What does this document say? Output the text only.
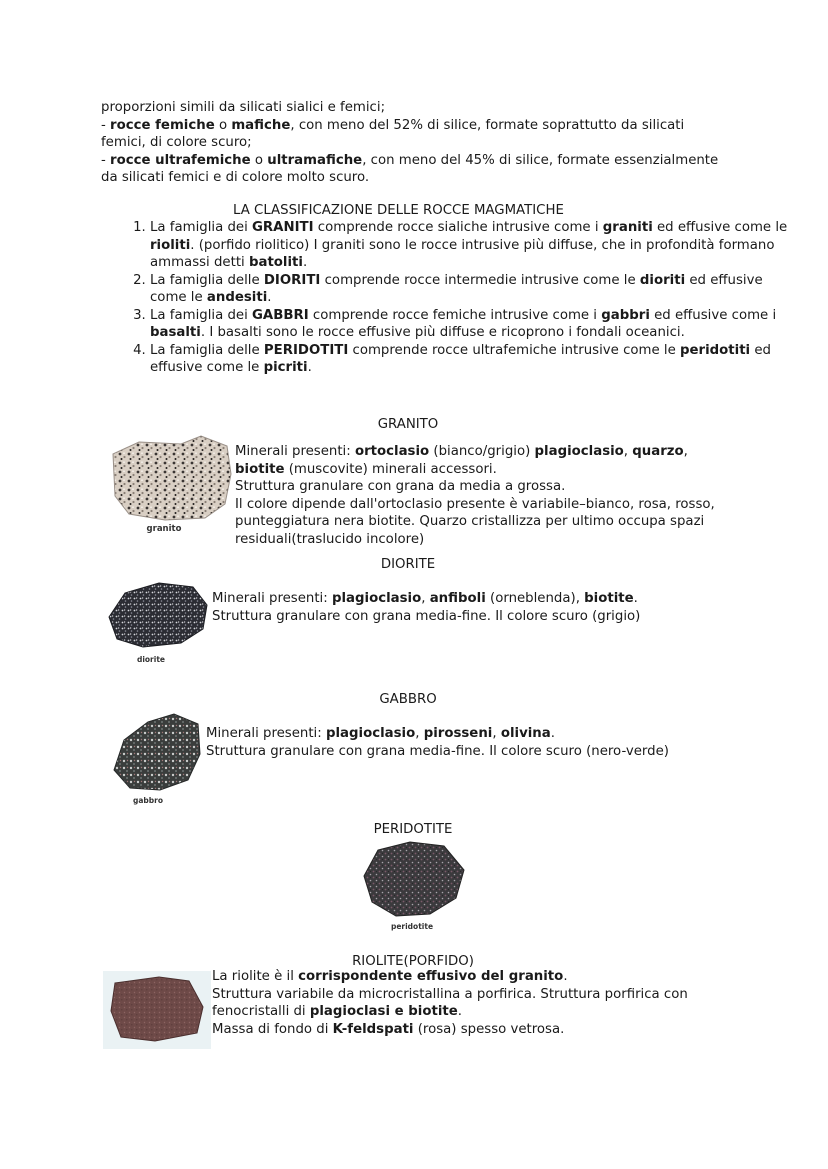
proporzioni simili da silicati sialici e femici;
- rocce femiche o mafiche, con meno del 52% di silice, formate soprattutto da silicati
femici, di colore scuro;
- rocce ultrafemiche o ultramafiche, con meno del 45% di silice, formate essenzialmente
da silicati femici e di colore molto scuro.
LA CLASSIFICAZIONE DELLE ROCCE MAGMATICHE
1. La famiglia dei GRANITI comprende rocce sialiche intrusive come i graniti ed effusive come le rioliti. (porfido riolitico) I graniti sono le rocce intrusive più diffuse, che in profondità formano ammassi detti batoliti.
2. La famiglia delle DIORITI comprende rocce intermedie intrusive come le dioriti ed effusive come le andesiti.
3. La famiglia dei GABBRI comprende rocce femiche intrusive come i gabbri ed effusive come i basalti. I basalti sono le rocce effusive più diffuse e ricoprono i fondali oceanici.
4. La famiglia delle PERIDOTITI comprende rocce ultrafemiche intrusive come le peridotiti ed effusive come le picriti.
GRANITO
granito
Minerali presenti: ortoclasio (bianco/grigio) plagioclasio, quarzo,
biotite (muscovite) minerali accessori.
Struttura granulare con grana da media a grossa.
Il colore dipende dall'ortoclasio presente è variabile–bianco, rosa, rosso,
punteggiatura nera biotite. Quarzo cristallizza per ultimo occupa spazi
residuali(traslucido incolore)
DIORITE
diorite
Minerali presenti: plagioclasio, anfiboli (orneblenda), biotite.
Struttura granulare con grana media-fine. Il colore scuro (grigio)
GABBRO
gabbro
Minerali presenti: plagioclasio, pirosseni, olivina.
Struttura granulare con grana media-fine. Il colore scuro (nero-verde)
PERIDOTITE
peridotite
RIOLITE(PORFIDO)
La riolite è il corrispondente effusivo del granito.
Struttura variabile da microcristallina a porfirica. Struttura porfirica con
fenocristalli di plagioclasi e biotite.
Massa di fondo di K-feldspati (rosa) spesso vetrosa.
